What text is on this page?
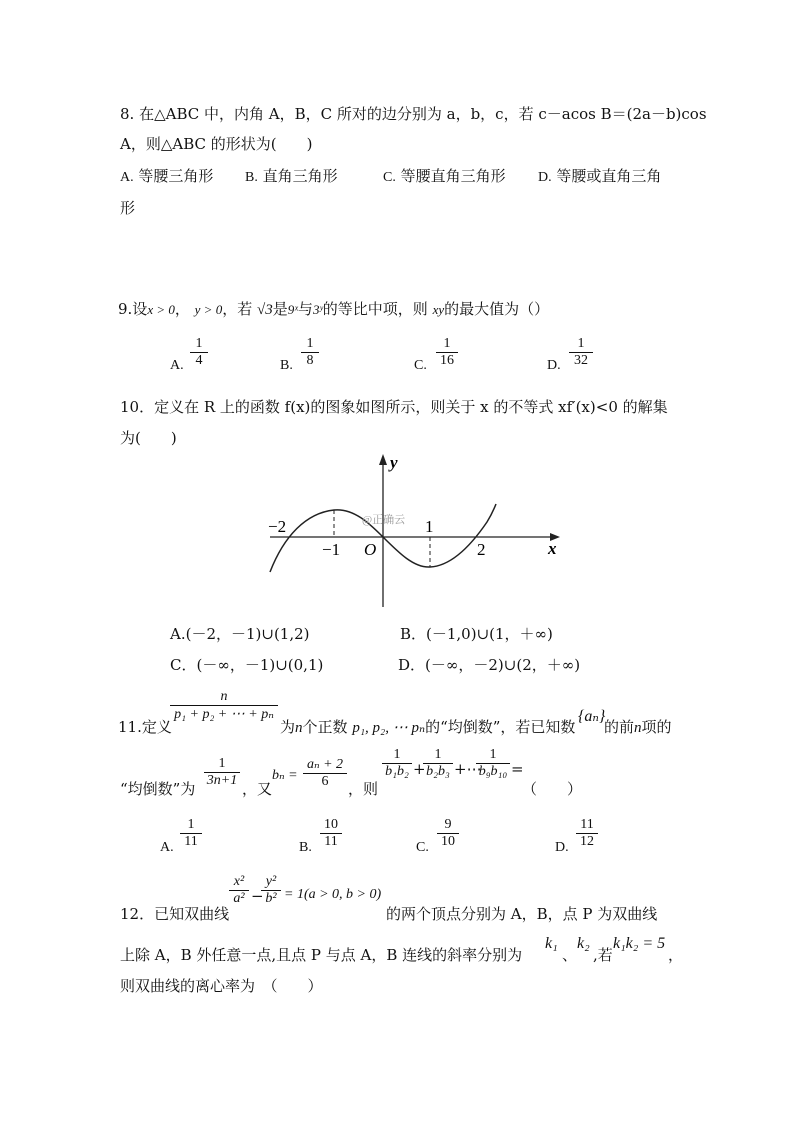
8. 在△ABC 中，内角 A，B，C 所对的边分别为 a，b，c，若 c－acos B＝(2a－b)cos
A，则△ABC 的形状为(　　)
A. 等腰三角形 B. 直角三角形	C. 等腰直角三角形 D. 等腰或直角三角
形
9.设x > 0， y > 0，若 √3是9ˣ与3ʸ的等比中项，则 xy的最大值为（）
A.
1
4	B.
1
8	C.
1
16	D.
1
32
10．定义在 R 上的函数 f(x)的图象如图所示，则关于 x 的不等式 xf′(x)<0 的解集
为(　　)
y
x
O
−2
−1
1
2
@正确云
A.(－2，－1)∪(1,2)	B．(－1,0)∪(1，＋∞)
C．(－∞，－1)∪(0,1)	D．(－∞，－2)∪(2，＋∞)
n
p₁ + p₂ + ⋯ + pₙ
11.定义	为n个正数 p₁, p₂, ⋯ pₙ的“均倒数”，若已知数
{aₙ}
的前n项的
“均倒数”为
1
3n+1 ，又
bₙ =
aₙ + 2
6	，则
1
b₁b₂ +
1
b₂b₃ +⋯
1
b₉b₁₀ =
（　　）
A.
1
11	B.
10
11	C.
9
10	D.
11
12
12．已知双曲线
x²
a² −
y²
b² = 1(a > 0, b > 0)
的两个顶点分别为 A，B，点 P 为双曲线
上除 A，B 外任意一点,且点 P 与点 A，B 连线的斜率分别为
k₁
、
k₂
,若
k₁k₂ = 5
，
则双曲线的离心率为　（　　）
